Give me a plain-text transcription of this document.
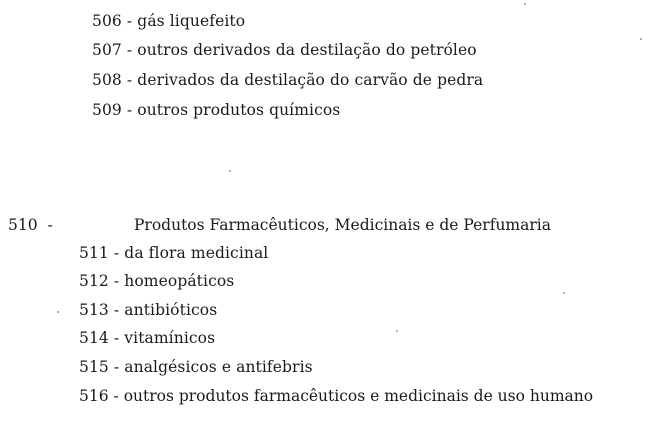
506 - gás liquefeito
507 - outros derivados da destilação do petróleo
508 - derivados da destilação do carvão de pedra
509 - outros produtos químicos
510 -	Produtos Farmacêuticos, Medicinais e de Perfumaria
511 - da flora medicinal
512 - homeopáticos
513 - antibióticos
514 - vitamínicos
515 - analgésicos e antifebris
516 - outros produtos farmacêuticos e medicinais de uso humano
